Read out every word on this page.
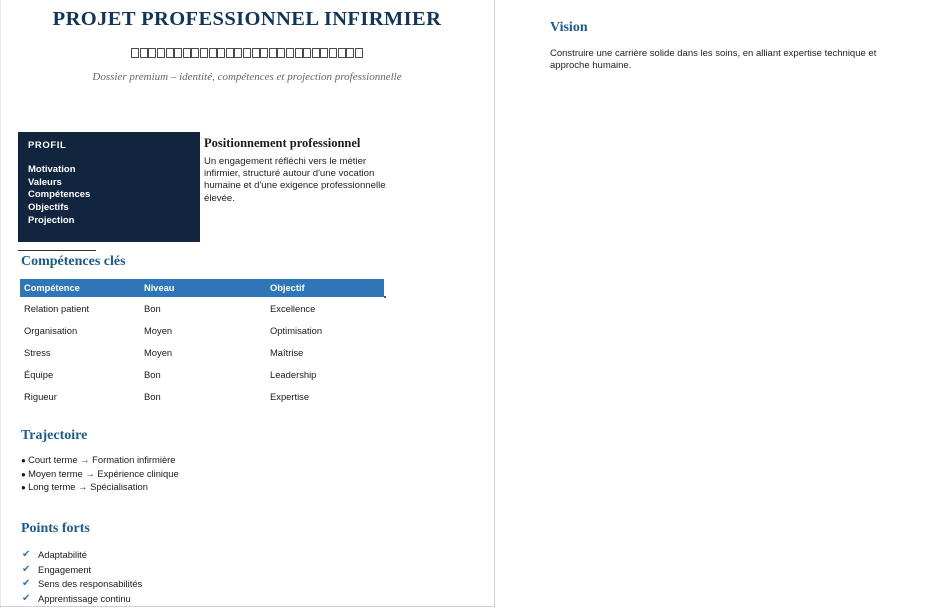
PROJET PROFESSIONNEL INFIRMIER
Dossier premium – identité, compétences et projection professionnelle
PROFIL
Motivation
Valeurs
Compétences
Objectifs
Projection
Positionnement professionnel

Un engagement réfléchi vers le métier infirmier, structuré autour d'une vocation humaine et d'une exigence professionnelle élevée.

Compétences clés
Compétence	Niveau	Objectif
Relation patient	Bon	Excellence
Organisation	Moyen	Optimisation
Stress	Moyen	Maîtrise
Équipe	Bon	Leadership
Rigueur	Bon	Expertise
Trajectoire
● Court terme → Formation infirmière
● Moyen terme → Expérience clinique
● Long terme → Spécialisation
Points forts
✔ Adaptabilité
✔ Engagement
✔ Sens des responsabilités
✔ Apprentissage continu
Vision

Construire une carrière solide dans les soins, en alliant expertise technique et approche humaine.
